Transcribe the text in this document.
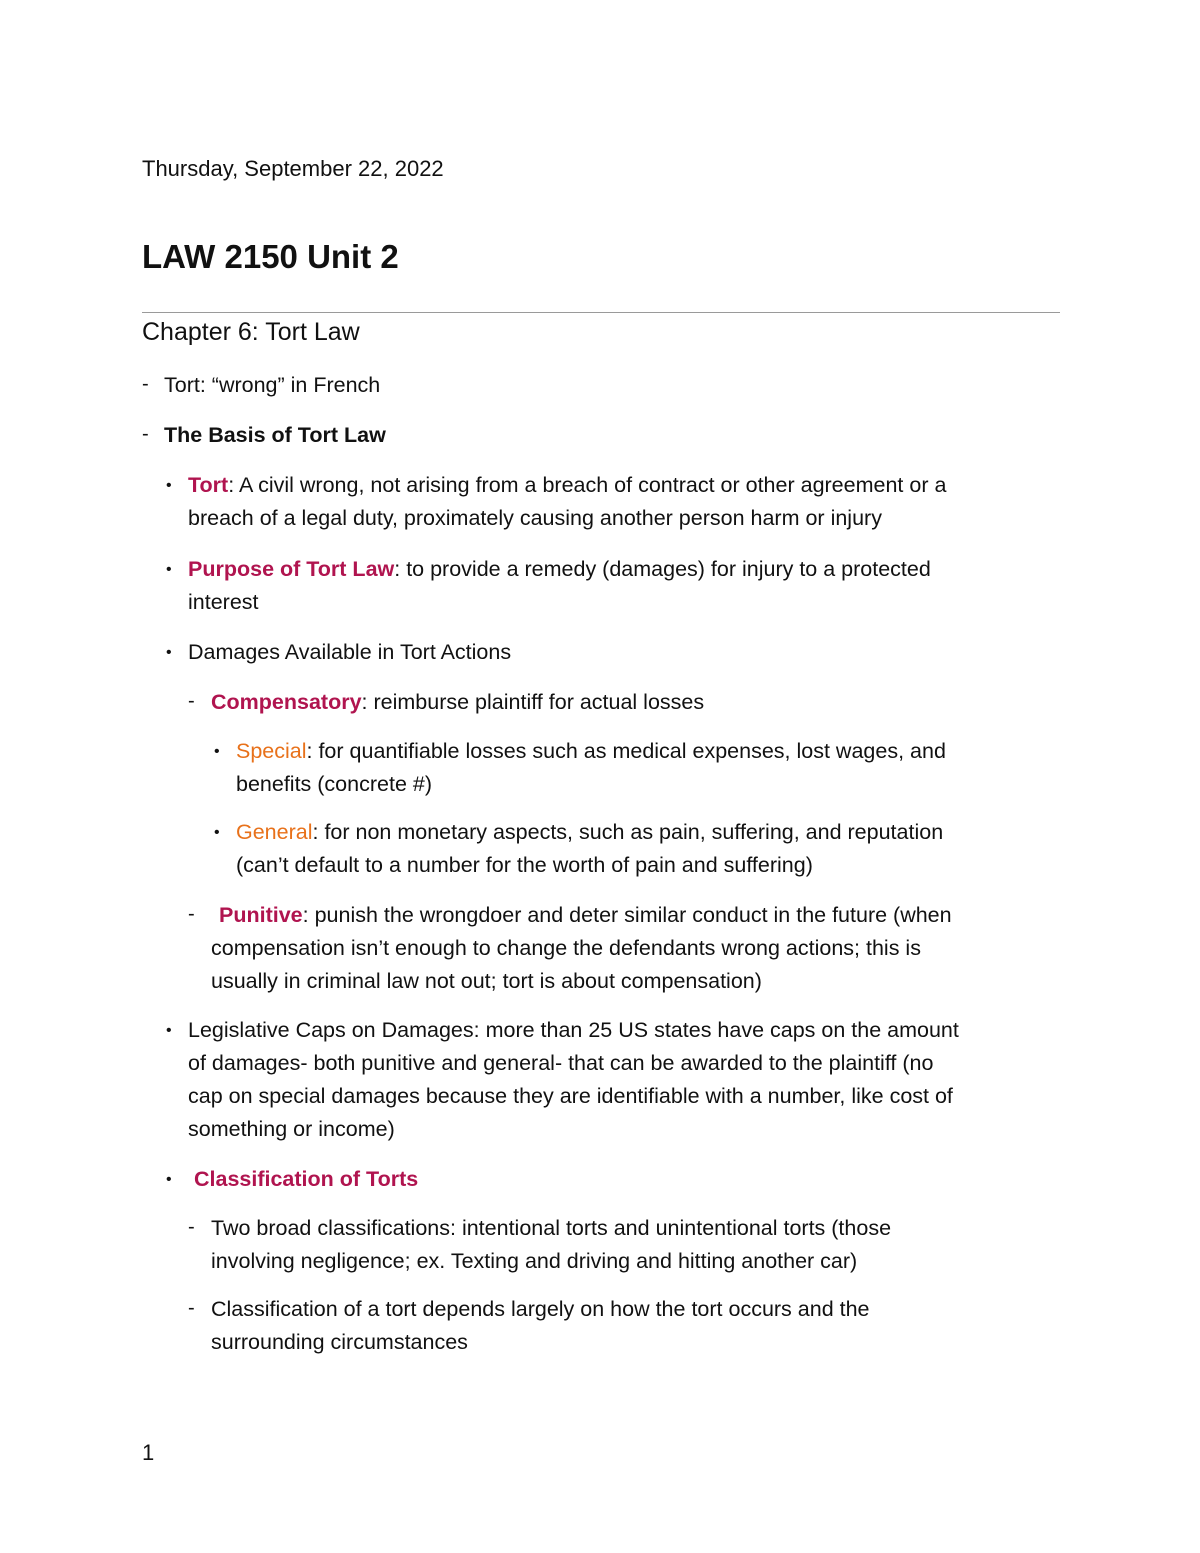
Thursday, September 22, 2022
LAW 2150 Unit 2
Chapter 6: Tort Law
- Tort: “wrong” in French
- The Basis of Tort Law
• Tort: A civil wrong, not arising from a breach of contract or other agreement or a
breach of a legal duty, proximately causing another person harm or injury
• Purpose of Tort Law: to provide a remedy (damages) for injury to a protected
interest
• Damages Available in Tort Actions
- Compensatory: reimburse plaintiff for actual losses
• Special: for quantifiable losses such as medical expenses, lost wages, and
benefits (concrete #)
• General: for non monetary aspects, such as pain, suffering, and reputation
(can’t default to a number for the worth of pain and suffering)
- Punitive: punish the wrongdoer and deter similar conduct in the future (when
compensation isn’t enough to change the defendants wrong actions; this is
usually in criminal law not out; tort is about compensation)
• Legislative Caps on Damages: more than 25 US states have caps on the amount
of damages- both punitive and general- that can be awarded to the plaintiff (no
cap on special damages because they are identifiable with a number, like cost of
something or income)
• Classification of Torts
- Two broad classifications: intentional torts and unintentional torts (those
involving negligence; ex. Texting and driving and hitting another car)
- Classification of a tort depends largely on how the tort occurs and the
surrounding circumstances
1
